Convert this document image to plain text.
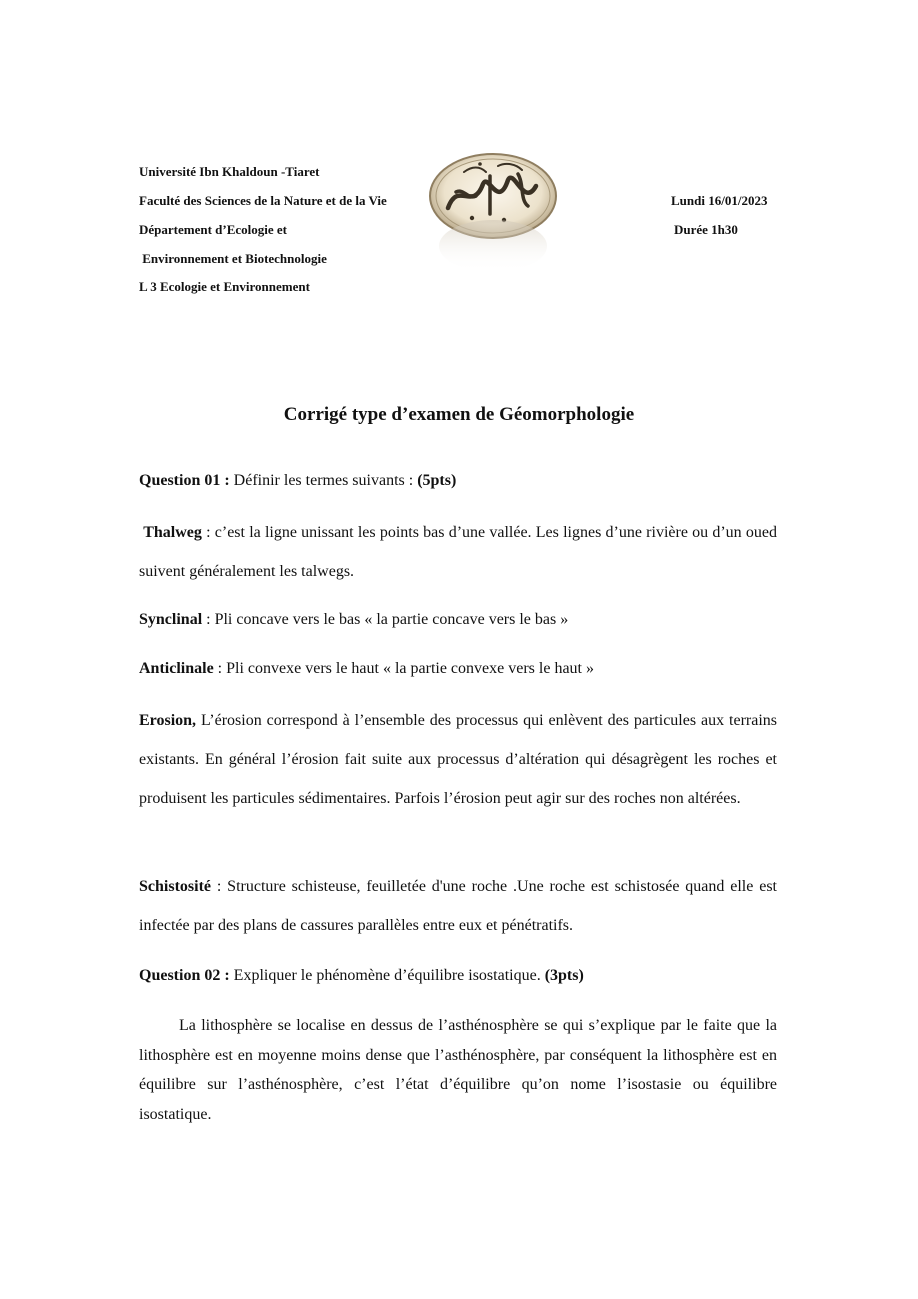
Université Ibn Khaldoun -Tiaret
Faculté des Sciences de la Nature et de la Vie
Département d’Ecologie et
Environnement et Biotechnologie
L 3 Ecologie et Environnement
Lundi 16/01/2023
Durée 1h30
Corrigé type d’examen de Géomorphologie
Question 01 : Définir les termes suivants : (5pts)
Thalweg : c’est la ligne unissant les points bas d’une vallée. Les lignes d’une rivière ou d’un oued suivent généralement les talwegs.
Synclinal : Pli concave vers le bas « la partie concave vers le bas »
Anticlinale : Pli convexe vers le haut « la partie convexe vers le haut »
Erosion, L’érosion correspond à l’ensemble des processus qui enlèvent des particules aux terrains existants. En général l’érosion fait suite aux processus d’altération qui désagrègent les roches et produisent les particules sédimentaires. Parfois l’érosion peut agir sur des roches non altérées.
Schistosité : Structure schisteuse, feuilletée d'une roche .Une roche est schistosée quand elle est infectée par des plans de cassures parallèles entre eux et pénétratifs.
Question 02 : Expliquer le phénomène d’équilibre isostatique. (3pts)
La lithosphère se localise en dessus de l’asthénosphère se qui s’explique par le faite que la lithosphère est en moyenne moins dense que l’asthénosphère, par conséquent la lithosphère est en équilibre sur l’asthénosphère, c’est l’état d’équilibre qu’on nome l’isostasie ou équilibre isostatique.
